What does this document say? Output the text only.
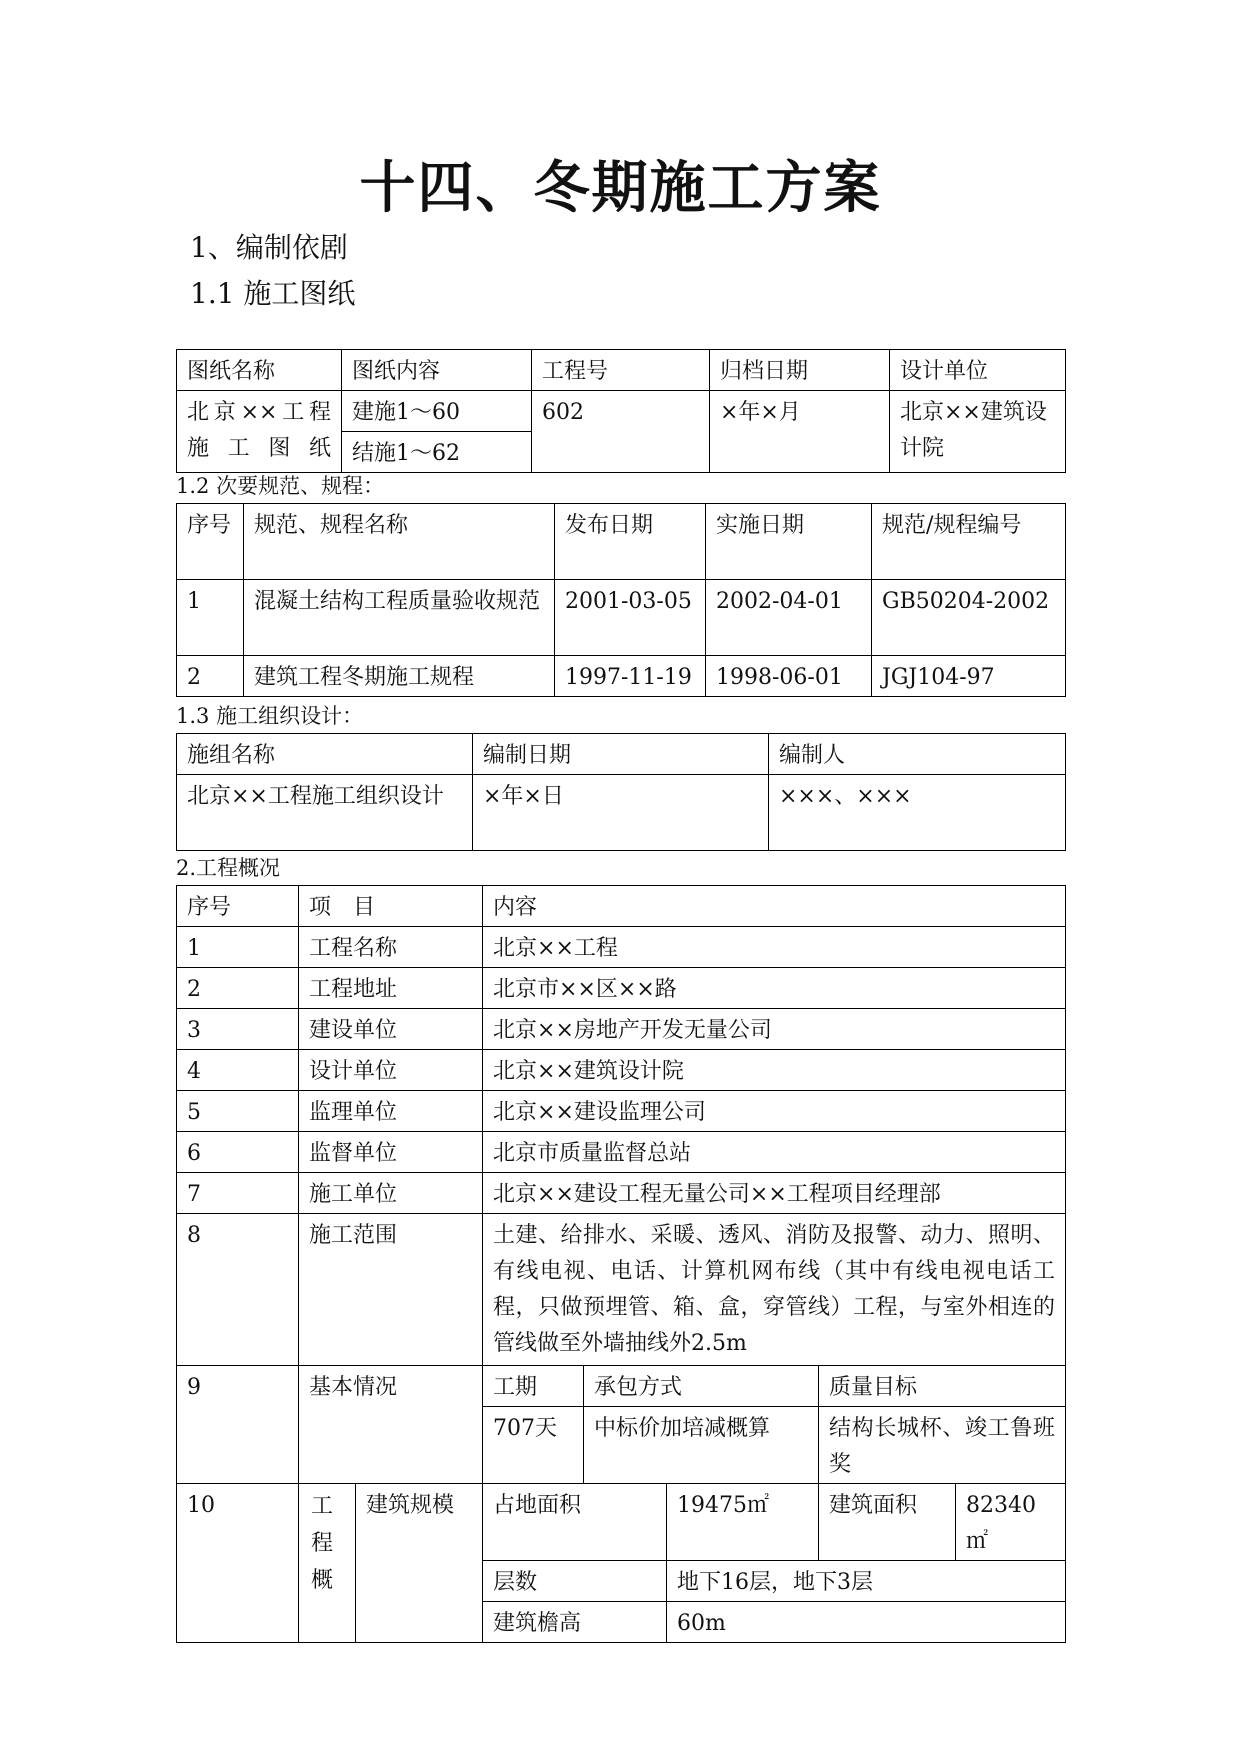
十四、冬期施工方案
1、编制依剧
1.1 施工图纸
图纸名称	图纸内容	工程号	归档日期	设计单位
北京××工程施工图纸	建施1～60	602	×年×月	北京××建筑设计院
	结施1～62			
1.2 次要规范、规程：
序号	规范、规程名称	发布日期	实施日期	规范/规程编号
1	混凝土结构工程质量验收规范	2001-03-05	2002-04-01	GB50204-2002
2	建筑工程冬期施工规程	1997-11-19	1998-06-01	JGJ104-97
1.3 施工组织设计：
施组名称	编制日期	编制人
北京××工程施工组织设计	×年×日	×××、×××
2.工程概况
序号	项　目		内容				
1	工程名称		北京××工程				
2	工程地址		北京市××区××路				
3	建设单位		北京××房地产开发无量公司				
4	设计单位		北京××建筑设计院				
5	监理单位		北京××建设监理公司				
6	监督单位		北京市质量监督总站				
7	施工单位		北京××建设工程无量公司××工程项目经理部				
8	施工范围		土建、给排水、采暖、透风、消防及报警、动力、照明、有线电视、电话、计算机网布线（其中有线电视电话工程，只做预埋管、箱、盒，穿管线）工程，与室外相连的管线做至外墙抽线外2.5m				
9	基本情况		工期	承包方式		质量目标	
			707天	中标价加培减概算		结构长城杯、竣工鲁班奖	
10	工程概	建筑规模	占地面积		19475㎡	建筑面积	82340㎡
			层数		地下16层，地下3层		
			建筑檐高		60m		
